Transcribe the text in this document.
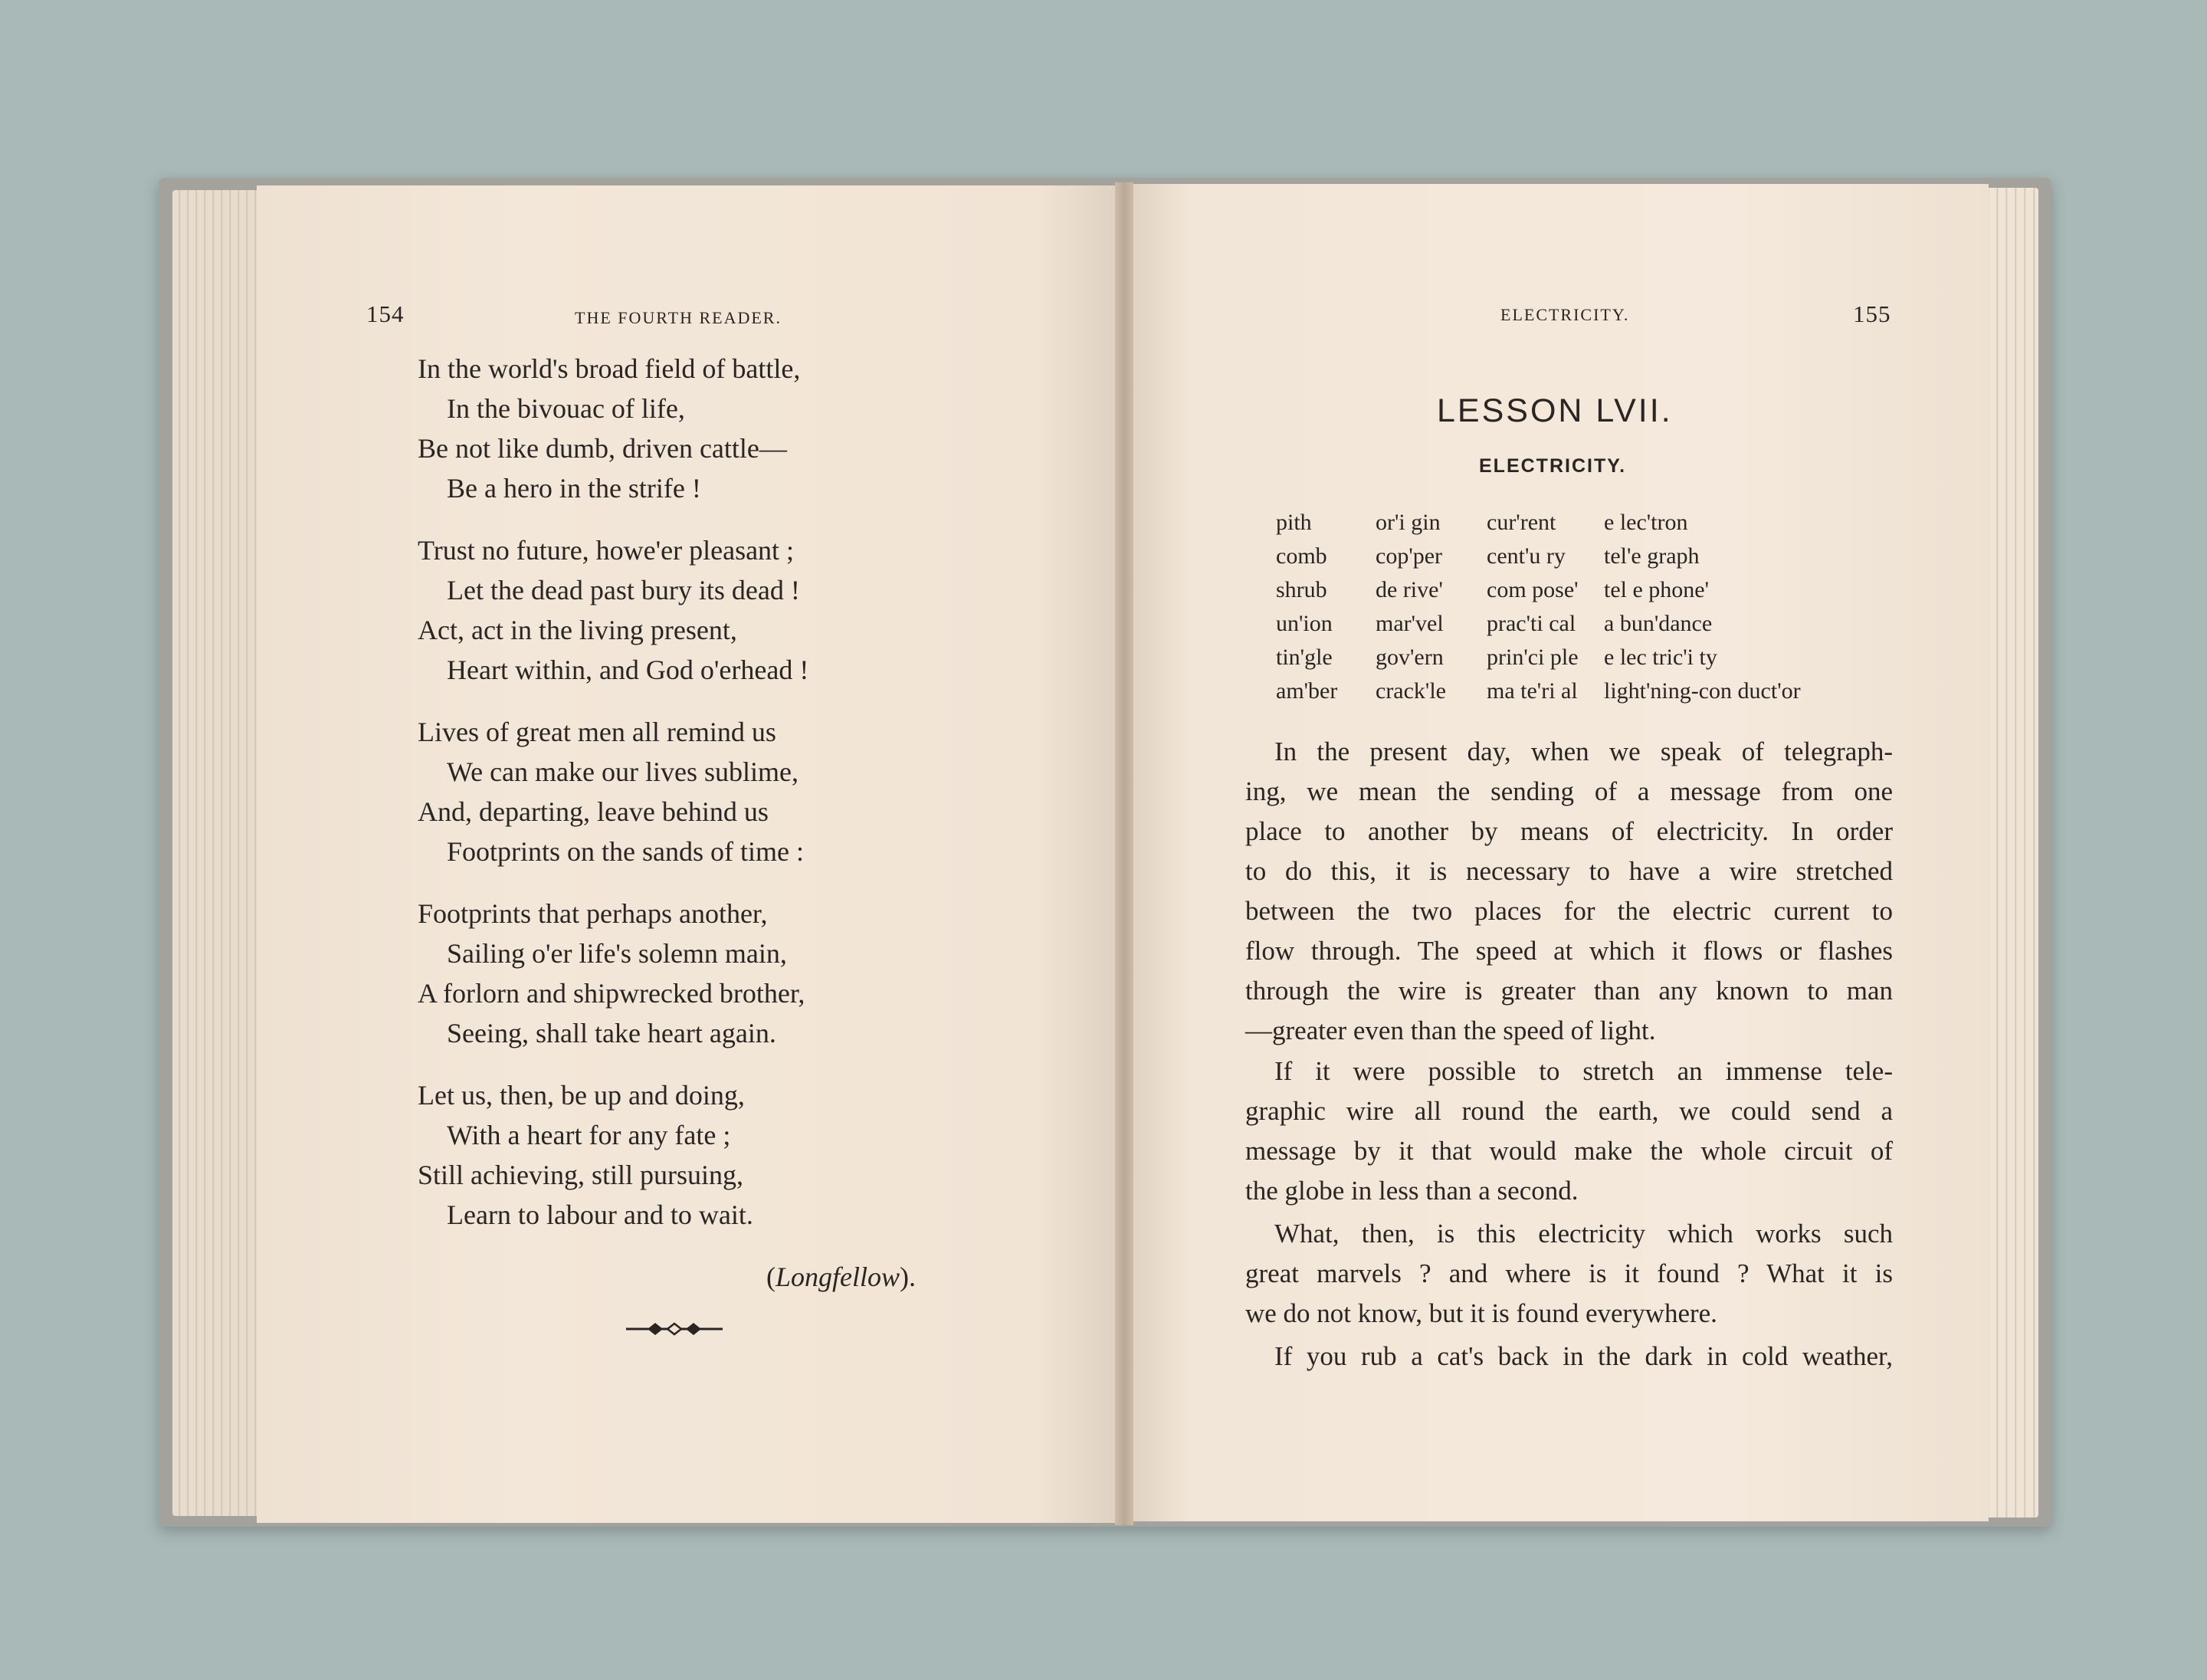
154	THE FOURTH READER.
In the world's broad field of battle,
In the bivouac of life,
Be not like dumb, driven cattle—
Be a hero in the strife !
Trust no future, howe'er pleasant ;
Let the dead past bury its dead !
Act, act in the living present,
Heart within, and God o'erhead !
Lives of great men all remind us
We can make our lives sublime,
And, departing, leave behind us
Footprints on the sands of time :
Footprints that perhaps another,
Sailing o'er life's solemn main,
A forlorn and shipwrecked brother,
Seeing, shall take heart again.
Let us, then, be up and doing,
With a heart for any fate ;
Still achieving, still pursuing,
Learn to labour and to wait.
(Longfellow).
ELECTRICITY.	155
LESSON LVII.
ELECTRICITY.
pith	or'i gin	cur'rent	e lec'tron
comb	cop'per	cent'u ry	tel'e graph
shrub	de rive'	com pose'	tel e phone'
un'ion	mar'vel	prac'ti cal	a bun'dance
tin'gle	gov'ern	prin'ci ple	e lec tric'i ty
am'ber	crack'le	ma te'ri al	light'ning-con duct'or
In the present day, when we speak of telegraph-
ing, we mean the sending of a message from one
place to another by means of electricity. In order
to do this, it is necessary to have a wire stretched
between the two places for the electric current to
flow through. The speed at which it flows or flashes
through the wire is greater than any known to man
—greater even than the speed of light.
If it were possible to stretch an immense tele-
graphic wire all round the earth, we could send a
message by it that would make the whole circuit of
the globe in less than a second.
What, then, is this electricity which works such
great marvels ? and where is it found ? What it is
we do not know, but it is found everywhere.
If you rub a cat's back in the dark in cold weather,
